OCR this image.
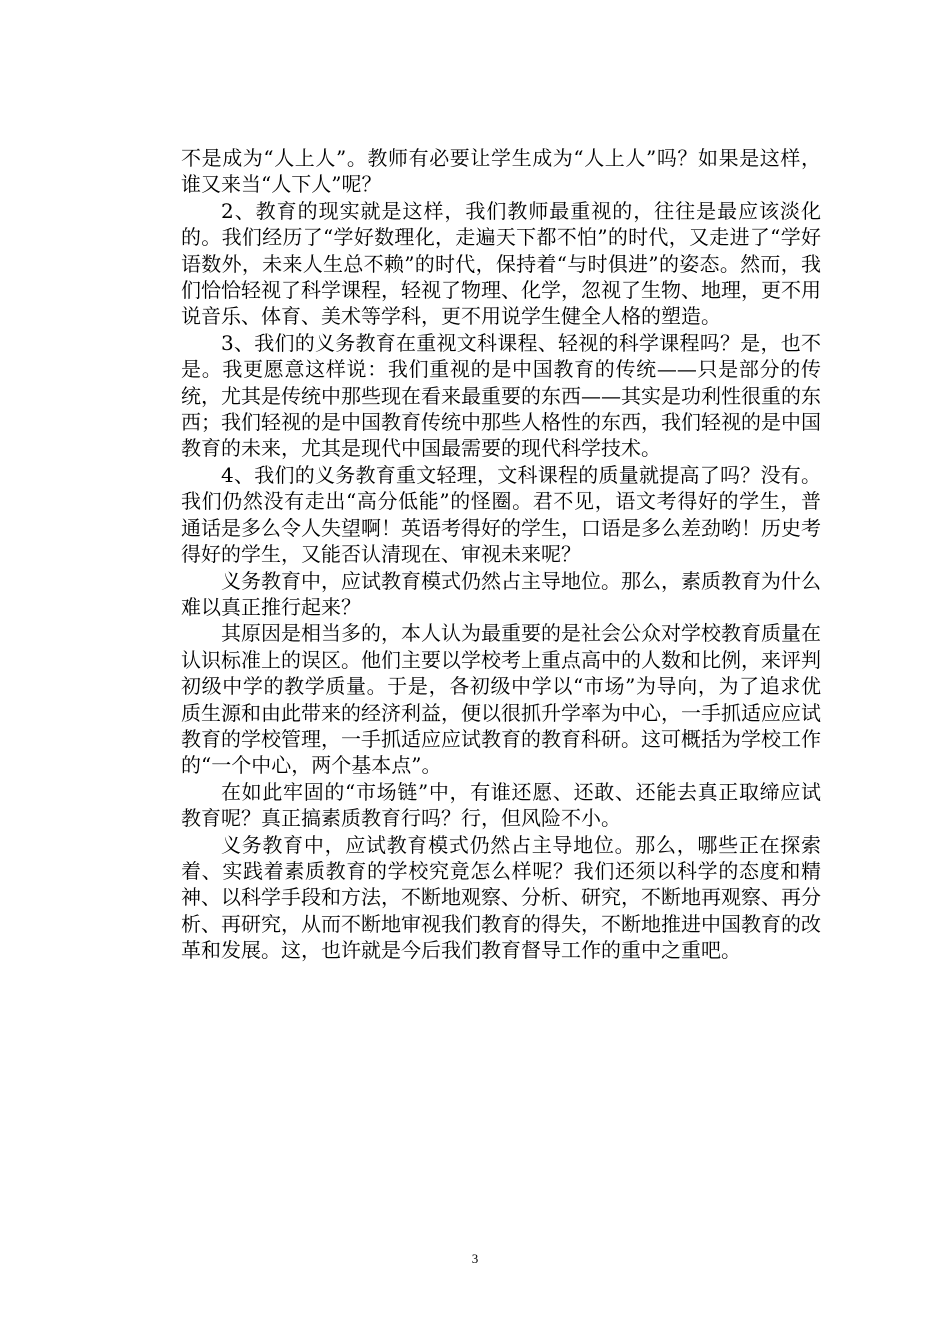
不是成为“人上人”。教师有必要让学生成为“人上人”吗？如果是这样，谁又来当“人下人”呢？

2、教育的现实就是这样，我们教师最重视的，往往是最应该淡化的。我们经历了“学好数理化，走遍天下都不怕”的时代，又走进了“学好语数外，未来人生总不赖”的时代，保持着“与时俱进”的姿态。然而，我们恰恰轻视了科学课程，轻视了物理、化学，忽视了生物、地理，更不用说音乐、体育、美术等学科，更不用说学生健全人格的塑造。

3、我们的义务教育在重视文科课程、轻视的科学课程吗？是，也不是。我更愿意这样说：我们重视的是中国教育的传统——只是部分的传统，尤其是传统中那些现在看来最重要的东西——其实是功利性很重的东西；我们轻视的是中国教育传统中那些人格性的东西，我们轻视的是中国教育的未来，尤其是现代中国最需要的现代科学技术。

4、我们的义务教育重文轻理，文科课程的质量就提高了吗？没有。我们仍然没有走出“高分低能”的怪圈。君不见，语文考得好的学生，普通话是多么令人失望啊！英语考得好的学生，口语是多么差劲哟！历史考得好的学生，又能否认清现在、审视未来呢？

义务教育中，应试教育模式仍然占主导地位。那么，素质教育为什么难以真正推行起来？

其原因是相当多的，本人认为最重要的是社会公众对学校教育质量在认识标准上的误区。他们主要以学校考上重点高中的人数和比例，来评判初级中学的教学质量。于是，各初级中学以“市场”为导向，为了追求优质生源和由此带来的经济利益，便以很抓升学率为中心，一手抓适应应试教育的学校管理，一手抓适应应试教育的教育科研。这可概括为学校工作的“一个中心，两个基本点”。

在如此牢固的“市场链”中，有谁还愿、还敢、还能去真正取缔应试教育呢？真正搞素质教育行吗？行，但风险不小。

义务教育中，应试教育模式仍然占主导地位。那么，哪些正在探索着、实践着素质教育的学校究竟怎么样呢？我们还须以科学的态度和精神、以科学手段和方法，不断地观察、分析、研究，不断地再观察、再分析、再研究，从而不断地审视我们教育的得失，不断地推进中国教育的改革和发展。这，也许就是今后我们教育督导工作的重中之重吧。

3
